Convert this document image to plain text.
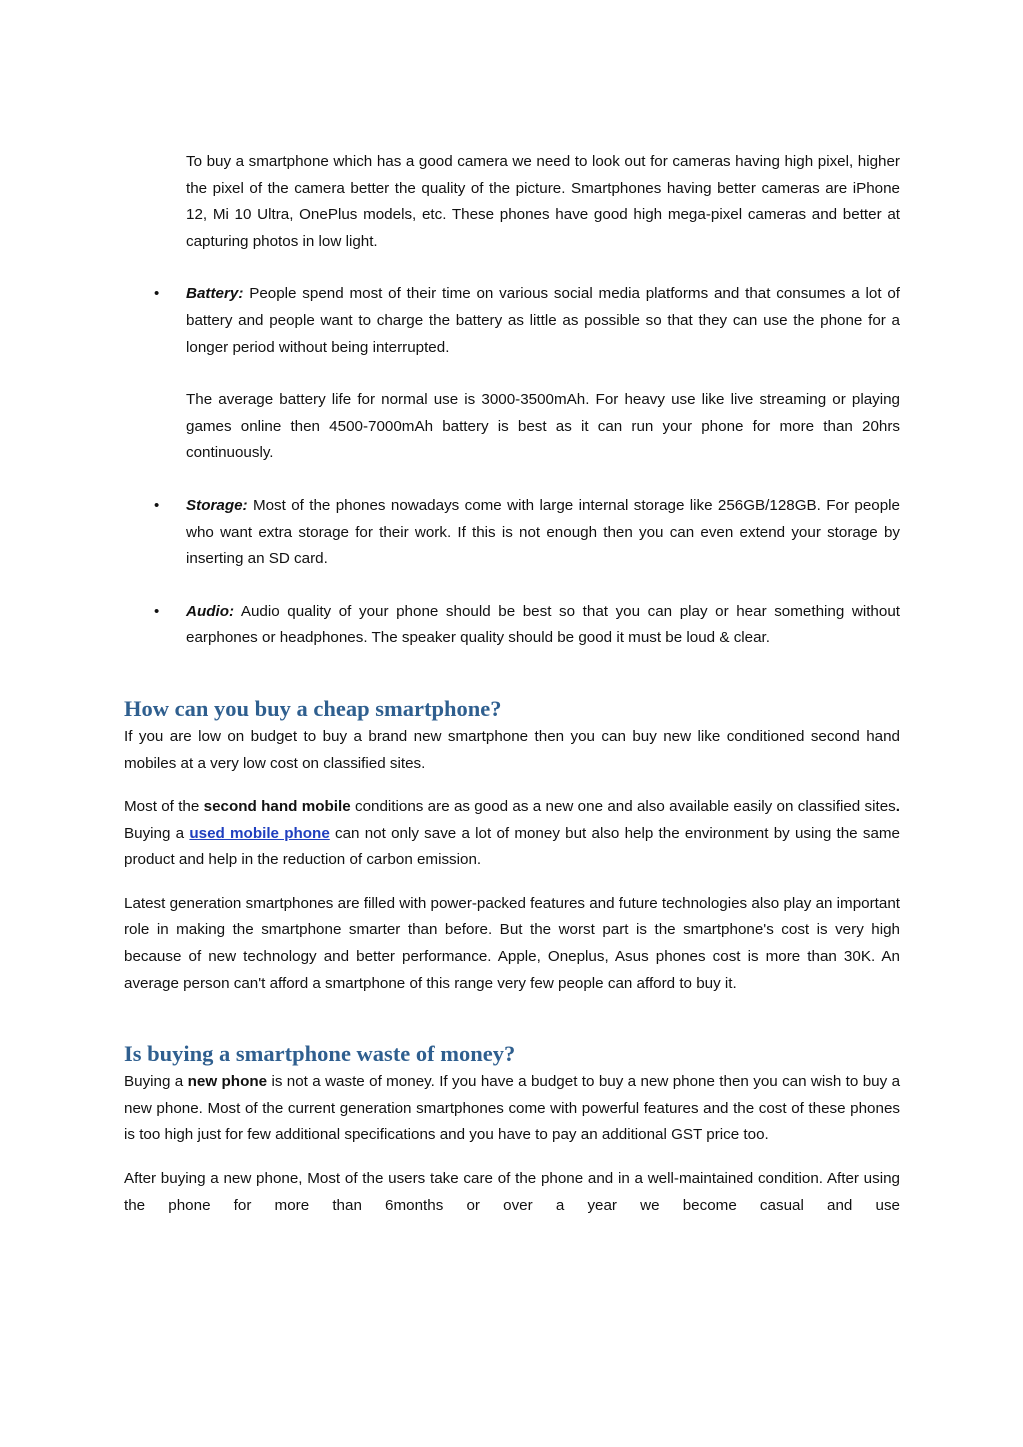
To buy a smartphone which has a good camera we need to look out for cameras having high pixel, higher the pixel of the camera better the quality of the picture. Smartphones having better cameras are iPhone 12, Mi 10 Ultra, OnePlus models, etc. These phones have good high mega-pixel cameras and better at capturing photos in low light.

• Battery: People spend most of their time on various social media platforms and that consumes a lot of battery and people want to charge the battery as little as possible so that they can use the phone for a longer period without being interrupted.

The average battery life for normal use is 3000-3500mAh. For heavy use like live streaming or playing games online then 4500-7000mAh battery is best as it can run your phone for more than 20hrs continuously.

• Storage: Most of the phones nowadays come with large internal storage like 256GB/128GB. For people who want extra storage for their work. If this is not enough then you can even extend your storage by inserting an SD card.

• Audio: Audio quality of your phone should be best so that you can play or hear something without earphones or headphones. The speaker quality should be good it must be loud & clear.

How can you buy a cheap smartphone?

If you are low on budget to buy a brand new smartphone then you can buy new like conditioned second hand mobiles at a very low cost on classified sites.

Most of the second hand mobile conditions are as good as a new one and also available easily on classified sites. Buying a used mobile phone can not only save a lot of money but also help the environment by using the same product and help in the reduction of carbon emission.

Latest generation smartphones are filled with power-packed features and future technologies also play an important role in making the smartphone smarter than before. But the worst part is the smartphone's cost is very high because of new technology and better performance. Apple, Oneplus, Asus phones cost is more than 30K. An average person can't afford a smartphone of this range very few people can afford to buy it.

Is buying a smartphone waste of money?

Buying a new phone is not a waste of money. If you have a budget to buy a new phone then you can wish to buy a new phone. Most of the current generation smartphones come with powerful features and the cost of these phones is too high just for few additional specifications and you have to pay an additional GST price too.

After buying a new phone, Most of the users take care of the phone and in a well-maintained condition. After using the phone for more than 6months or over a year we become casual and use
